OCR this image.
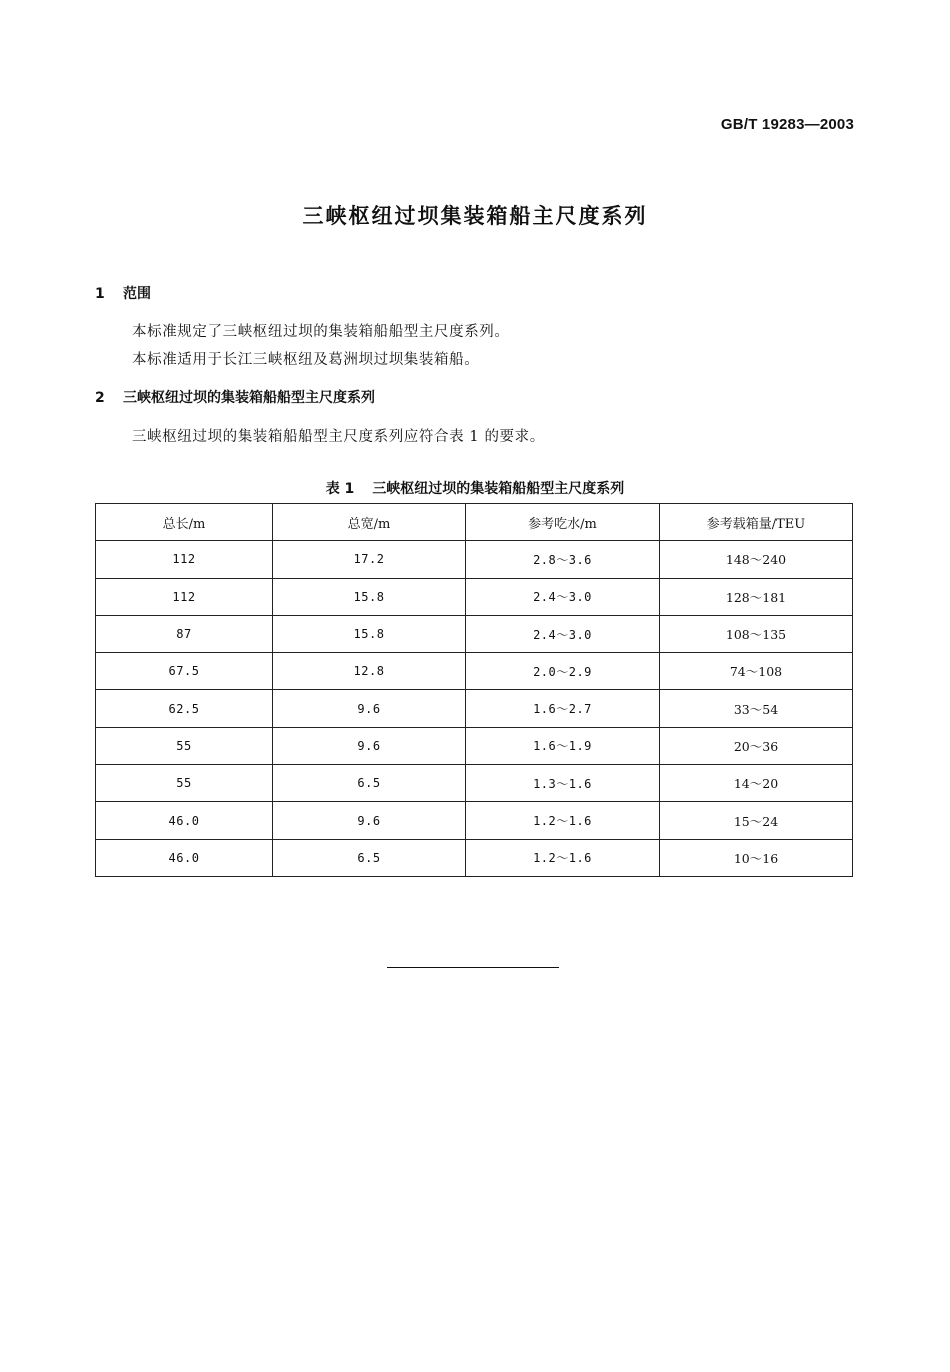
GB/T 19283—2003
三峡枢纽过坝集装箱船主尺度系列
1 范围
本标准规定了三峡枢纽过坝的集装箱船船型主尺度系列。
本标准适用于长江三峡枢纽及葛洲坝过坝集装箱船。
2 三峡枢纽过坝的集装箱船船型主尺度系列
三峡枢纽过坝的集装箱船船型主尺度系列应符合表 1 的要求。
表 1 三峡枢纽过坝的集装箱船船型主尺度系列
总长/m	总宽/m	参考吃水/m	参考载箱量/TEU
112	17.2	2.8～3.6	148～240
112	15.8	2.4～3.0	128～181
87	15.8	2.4～3.0	108～135
67.5	12.8	2.0～2.9	74～108
62.5	9.6	1.6～2.7	33～54
55	9.6	1.6～1.9	20～36
55	6.5	1.3～1.6	14～20
46.0	9.6	1.2～1.6	15～24
46.0	6.5	1.2～1.6	10～16
